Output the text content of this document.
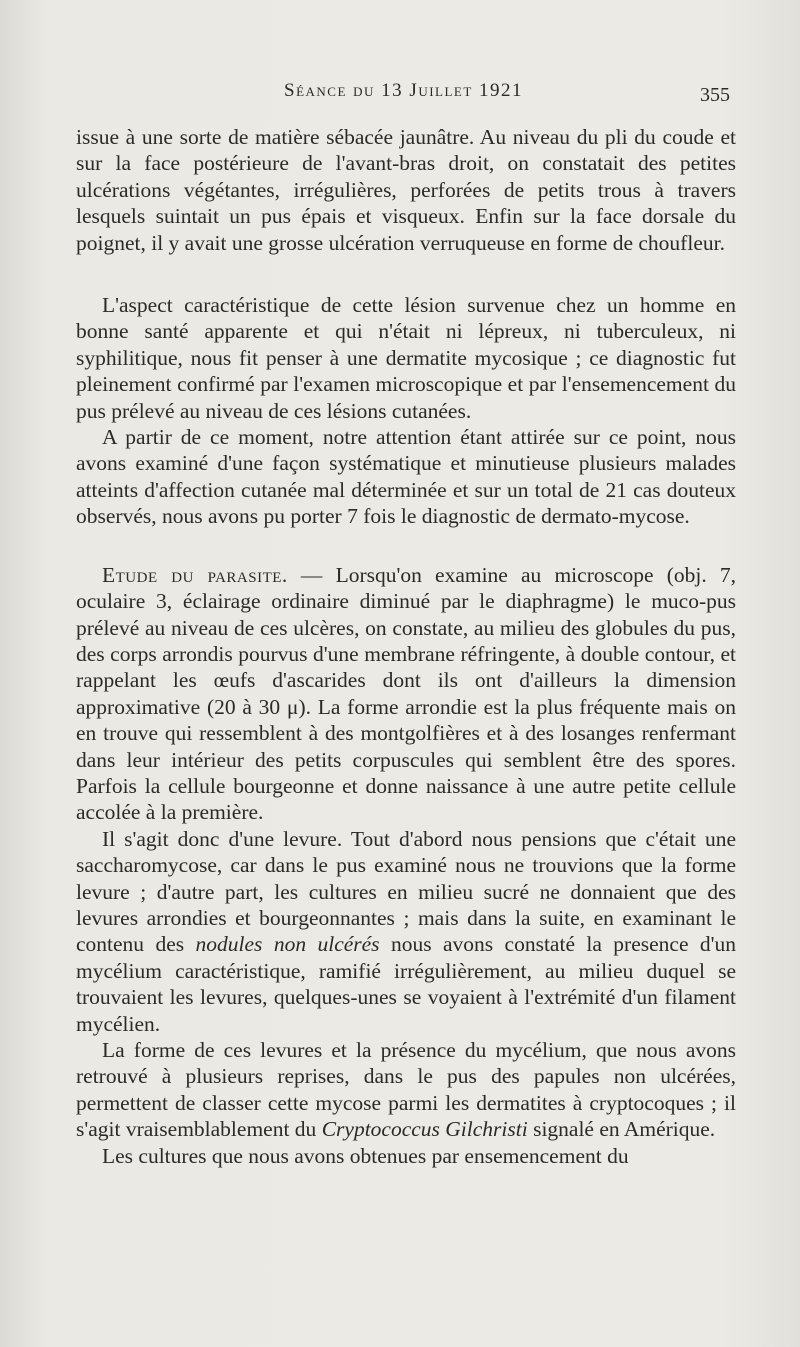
Séance du 13 Juillet 1921	355

issue à une sorte de matière sébacée jaunâtre. Au niveau du pli du coude et sur la face postérieure de l'avant-bras droit, on constatait des petites ulcérations végétantes, irrégulières, perforées de petits trous à travers lesquels suintait un pus épais et visqueux. Enfin sur la face dorsale du poignet, il y avait une grosse ulcération verruqueuse en forme de choufleur.

L'aspect caractéristique de cette lésion survenue chez un homme en bonne santé apparente et qui n'était ni lépreux, ni tuberculeux, ni syphilitique, nous fit penser à une dermatite mycosique ; ce diagnostic fut pleinement confirmé par l'examen microscopique et par l'ensemencement du pus prélevé au niveau de ces lésions cutanées.

A partir de ce moment, notre attention étant attirée sur ce point, nous avons examiné d'une façon systématique et minutieuse plusieurs malades atteints d'affection cutanée mal déterminée et sur un total de 21 cas douteux observés, nous avons pu porter 7 fois le diagnostic de dermato-mycose.

Etude du parasite. — Lorsqu'on examine au microscope (obj. 7, oculaire 3, éclairage ordinaire diminué par le diaphragme) le muco-pus prélevé au niveau de ces ulcères, on constate, au milieu des globules du pus, des corps arrondis pourvus d'une membrane réfringente, à double contour, et rappelant les œufs d'ascarides dont ils ont d'ailleurs la dimension approximative (20 à 30 μ). La forme arrondie est la plus fréquente mais on en trouve qui ressemblent à des montgolfières et à des losanges renfermant dans leur intérieur des petits corpuscules qui semblent être des spores. Parfois la cellule bourgeonne et donne naissance à une autre petite cellule accolée à la première.

Il s'agit donc d'une levure. Tout d'abord nous pensions que c'était une saccharomycose, car dans le pus examiné nous ne trouvions que la forme levure ; d'autre part, les cultures en milieu sucré ne donnaient que des levures arrondies et bourgeonnantes ; mais dans la suite, en examinant le contenu des nodules non ulcérés nous avons constaté la presence d'un mycélium caractéristique, ramifié irrégulièrement, au milieu duquel se trouvaient les levures, quelques-unes se voyaient à l'extrémité d'un filament mycélien.

La forme de ces levures et la présence du mycélium, que nous avons retrouvé à plusieurs reprises, dans le pus des papules non ulcérées, permettent de classer cette mycose parmi les dermatites à cryptocoques ; il s'agit vraisemblablement du Cryptococcus Gilchristi signalé en Amérique.

Les cultures que nous avons obtenues par ensemencement du
